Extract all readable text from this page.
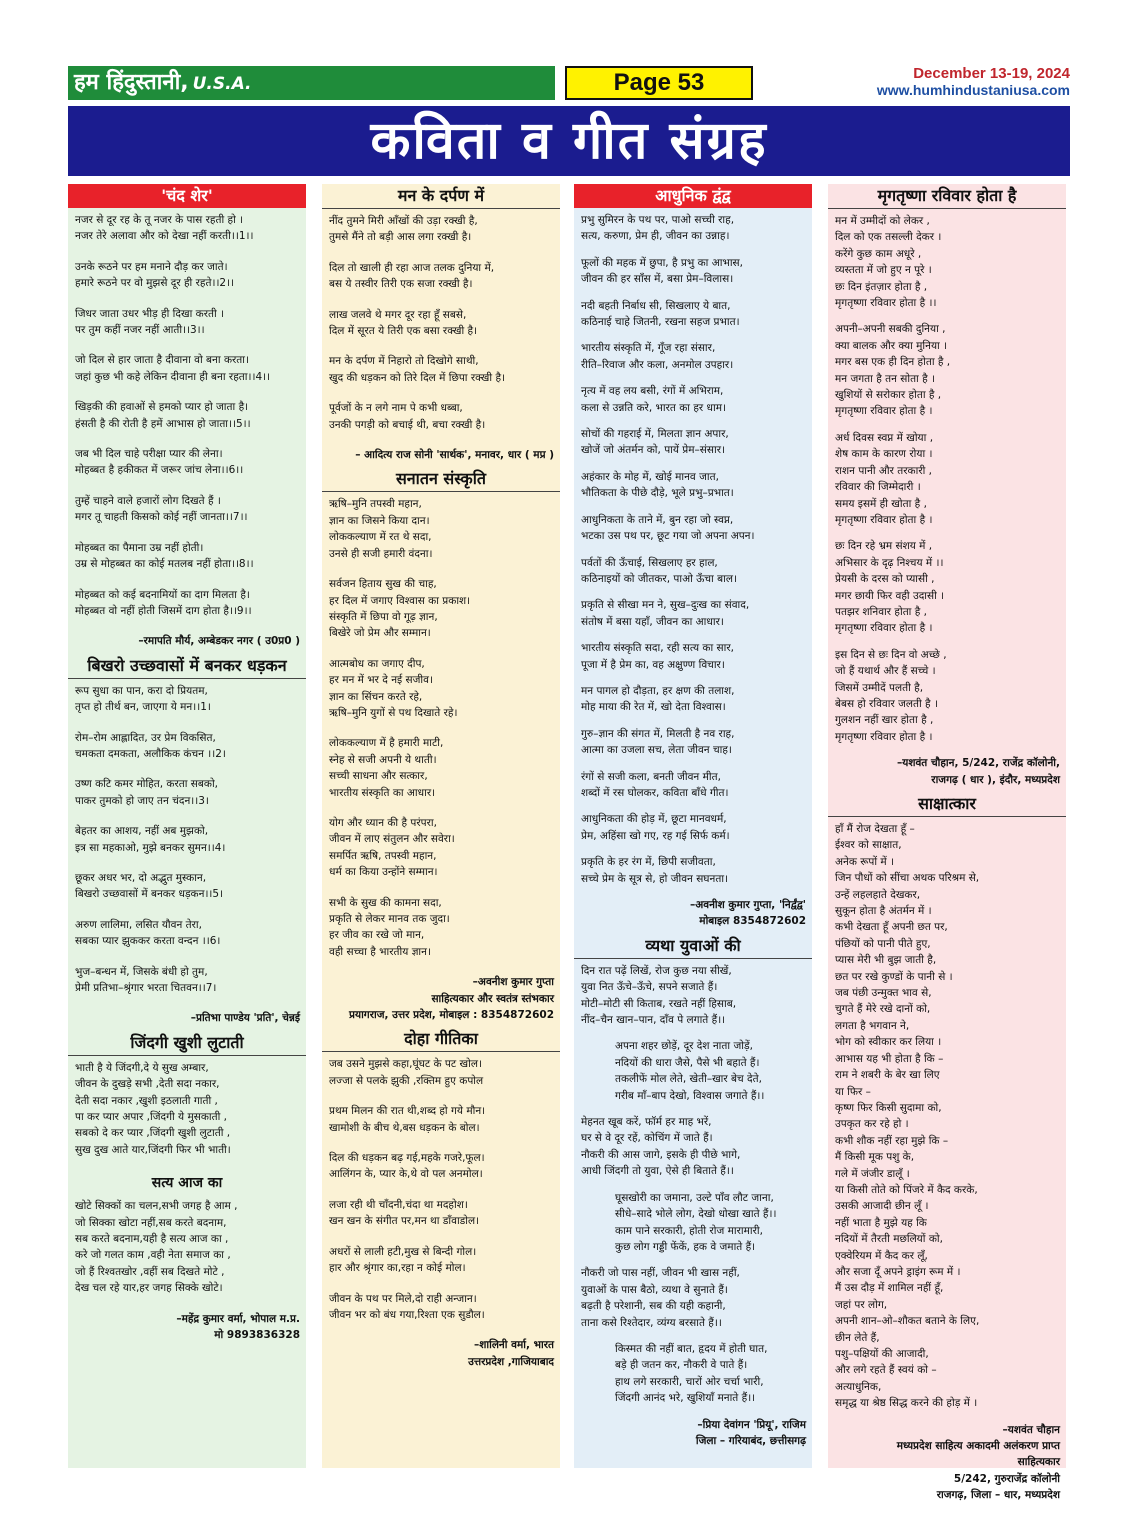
हम हिंदुस्तानी, U.S.A.	Page 53	December 13-19, 2024
www.humhindustaniusa.com
कविता व गीत संग्रह
'चंद शेर'
नजर से दूर रह के तू नजर के पास रहती हो ।
नजर तेरे अलावा और को देखा नहीं करती।।1।।
उनके रूठने पर हम मनाने दौड़ कर जाते।
हमारे रूठने पर वो मुझसे दूर ही रहते।।2।।
जिधर जाता उधर भीड़ ही दिखा करती ।
पर तुम कहीं नजर नहीं आती।।3।।
जो दिल से हार जाता है दीवाना वो बना करता।
जहां कुछ भी कहे लेकिन दीवाना ही बना रहता।।4।।
खिड़की की हवाओं से हमको प्यार हो जाता है।
हंसती है की रोती है हमें आभास हो जाता।।5।।
जब भी दिल चाहे परीक्षा प्यार की लेना।
मोहब्बत है हकीकत में जरूर जांच लेना।।6।।
तुम्हें चाहने वाले हजारों लोग दिखते हैं ।
मगर तू चाहती किसको कोई नहीं जानता।।7।।
मोहब्बत का पैमाना उम्र नहीं होती।
उम्र से मोहब्बत का कोई मतलब नहीं होता।।8।।
मोहब्बत को कई बदनामियों का दाग मिलता है।
मोहब्बत वो नहीं होती जिसमें दाग होता है।।9।।
–रमापति मौर्य, अम्बेडकर नगर ( उ0प्र0 )
बिखरो उच्छवासों में बनकर धड़कन
रूप सुधा का पान, करा दो प्रियतम,
तृप्त हो तीर्थ बन, जाएगा ये मन।।1।
रोम–रोम आह्लादित, उर प्रेम विकसित,
चमकता दमकता, अलौकिक कंचन ।।2।
उष्ण कटि कमर मोहित, करता सबको,
पाकर तुमको हो जाए तन चंदन।।3।
बेहतर का आशय, नहीं अब मुझको,
इत्र सा महकाओ, मुझे बनकर सुमन।।4।
छूकर अधर भर, दो अद्भुत मुस्कान,
बिखरो उच्छवासों में बनकर धड़कन।।5।
अरुण लालिमा, लसित यौवन तेरा,
सबका प्यार झुककर करता वन्दन ।।6।
भुज–बन्धन में, जिसके बंधी हो तुम,
प्रेमी प्रतिभा–श्रृंगार भरता चितवन।।7।
–प्रतिभा पाण्डेय 'प्रति', चेन्नई
जिंदगी खुशी लुटाती
भाती है ये जिंदगी,दे ये सुख अम्बार,
जीवन के दुखड़े सभी ,देती सदा नकार,
देती सदा नकार ,खुशी इठलाती गाती ,
पा कर प्यार अपार ,जिंदगी ये मुसकाती ,
सबको दे कर प्यार ,जिंदगी खुशी लुटाती ,
सुख दुख आते यार,जिंदगी फिर भी भाती।
सत्य आज का
खोटे सिक्कों का चलन,सभी जगह है आम ,
जो सिक्का खोटा नहीं,सब करते बदनाम,
सब करते बदनाम,यही है सत्य आज का ,
करे जो गलत काम ,वही नेता समाज का ,
जो हैं रिश्वतखोर ,वहीं सब दिखते मोटे ,
देख चल रहे यार,हर जगह सिक्के खोटे।
–महेंद्र कुमार वर्मा, भोपाल म.प्र.
मो 9893836328
मन के दर्पण में
नींद तुमने मिरी आँखों की उड़ा रक्खी है,
तुमसे मैंने तो बड़ी आस लगा रक्खी है।
दिल तो खाली ही रहा आज तलक दुनिया में,
बस ये तस्वीर तिरी एक सजा रक्खी है।
लाख जलवे थे मगर दूर रहा हूँ सबसे,
दिल में सूरत ये तिरी एक बसा रक्खी है।
मन के दर्पण में निहारो तो दिखोगे साथी,
खुद की धड़कन को तिरे दिल में छिपा रक्खी है।
पूर्वजों के न लगे नाम पे कभी धब्बा,
उनकी पगड़ी को बचाई थी, बचा रक्खी है।
– आदित्य राज सोनी 'सार्थक', मनावर, धार ( मप्र )
सनातन संस्कृति
ऋषि–मुनि तपस्वी महान,
ज्ञान का जिसने किया दान।
लोककल्याण में रत थे सदा,
उनसे ही सजी हमारी वंदना।
सर्वजन हिताय सुख की चाह,
हर दिल में जगाए विश्वास का प्रकाश।
संस्कृति में छिपा वो गूढ़ ज्ञान,
बिखेरे जो प्रेम और सम्मान।
आत्मबोध का जगाए दीप,
हर मन में भर दे नई सजीव।
ज्ञान का सिंचन करते रहे,
ऋषि–मुनि युगों से पथ दिखाते रहे।
लोककल्याण में है हमारी माटी,
स्नेह से सजी अपनी ये थाती।
सच्ची साधना और सत्कार,
भारतीय संस्कृति का आधार।
योग और ध्यान की है परंपरा,
जीवन में लाए संतुलन और सवेरा।
समर्पित ऋषि, तपस्वी महान,
धर्म का किया उन्होंने सम्मान।
सभी के सुख की कामना सदा,
प्रकृति से लेकर मानव तक जुदा।
हर जीव का रखे जो मान,
वही सच्चा है भारतीय ज्ञान।
–अवनीश कुमार गुप्ता
साहित्यकार और स्वतंत्र स्तंभकार
प्रयागराज, उत्तर प्रदेश, मोबाइल : 8354872602
दोहा गीतिका
जब उसने मुझसे कहा,घूंघट के पट खोल।
लज्जा से पलके झुकी ,रक्तिम हुए कपोल
प्रथम मिलन की रात थी,शब्द हो गये मौन।
खामोशी के बीच थे,बस धड़कन के बोल।
दिल की धड़कन बढ़ गई,महके गजरे,फूल।
आलिंगन के, प्यार के,थे वो पल अनमोल।
लजा रही थी चाँदनी,चंदा था मदहोश।
खन खन के संगीत पर,मन था डाँवाडोल।
अधरों से लाली हटी,मुख से बिन्दी गोल।
हार और श्रृंगार का,रहा न कोई मोल।
जीवन के पथ पर मिले,दो राही अन्जान।
जीवन भर को बंध गया,रिश्ता एक सुडौल।
–शालिनी वर्मा, भारत
उत्तरप्रदेश ,गाजियाबाद
आधुनिक द्वंद्व
प्रभु सुमिरन के पथ पर, पाओ सच्ची राह,
सत्य, करुणा, प्रेम ही, जीवन का उन्नाह।
फूलों की महक में छुपा, है प्रभु का आभास,
जीवन की हर साँस में, बसा प्रेम–विलास।
नदी बहती निर्बाध सी, सिखलाए ये बात,
कठिनाई चाहे जितनी, रखना सहज प्रभात।
भारतीय संस्कृति में, गूँज रहा संसार,
रीति–रिवाज और कला, अनमोल उपहार।
नृत्य में वह लय बसी, रंगों में अभिराम,
कला से उन्नति करे, भारत का हर धाम।
सोचों की गहराई में, मिलता ज्ञान अपार,
खोजें जो अंतर्मन को, पायें प्रेम–संसार।
अहंकार के मोह में, खोई मानव जात,
भौतिकता के पीछे दौड़े, भूले प्रभु–प्रभात।
आधुनिकता के ताने में, बुन रहा जो स्वप्न,
भटका उस पथ पर, छूट गया जो अपना अपन।
पर्वतों की ऊँचाई, सिखलाए हर हाल,
कठिनाइयों को जीतकर, पाओ ऊँचा बाल।
प्रकृति से सीखा मन ने, सुख–दुःख का संवाद,
संतोष में बसा यहाँ, जीवन का आधार।
भारतीय संस्कृति सदा, रही सत्य का सार,
पूजा में है प्रेम का, वह अक्षुण्ण विचार।
मन पागल हो दौड़ता, हर क्षण की तलाश,
मोह माया की रेत में, खो देता विश्वास।
गुरु–ज्ञान की संगत में, मिलती है नव राह,
आत्मा का उजला सच, लेता जीवन चाह।
रंगों से सजी कला, बनती जीवन मीत,
शब्दों में रस घोलकर, कविता बाँधे गीत।
आधुनिकता की होड़ में, छूटा मानवधर्म,
प्रेम, अहिंसा खो गए, रह गई सिर्फ कर्म।
प्रकृति के हर रंग में, छिपी सजीवता,
सच्चे प्रेम के सूत्र से, हो जीवन सघनता।
–अवनीश कुमार गुप्ता, 'निर्द्वंद्व'
मोबाइल 8354872602
व्यथा युवाओं की
दिन रात पढ़ें लिखें, रोज कुछ नया सीखें,
युवा नित ऊँचे–ऊँचे, सपने सजाते हैं।
मोटी–मोटी सी किताब, रखते नहीं हिसाब,
नींद–चैन खान–पान, दाँव पे लगाते हैं।।
अपना शहर छोड़ें, दूर देश नाता जोड़ें,
नदियों की धारा जैसे, पैसे भी बहाते हैं।
तकलीफें मोल लेते, खेती–खार बेच देते,
गरीब माँ–बाप देखो, विश्वास जगाते हैं।।
मेहनत खूब करें, फॉर्म हर माह भरें,
घर से वे दूर रहें, कोचिंग में जाते हैं।
नौकरी की आस जागे, इसके ही पीछे भागे,
आधी जिंदगी तो युवा, ऐसे ही बिताते हैं।।
घूसखोरी का जमाना, उल्टे पाँव लौट जाना,
सीधे–सादे भोले लोग, देखो धोखा खाते हैं।।
काम पाने सरकारी, होती रोज मारामारी,
कुछ लोग गड्डी फेंकें, हक वे जमाते हैं।
नौकरी जो पास नहीं, जीवन भी खास नहीं,
युवाओं के पास बैठो, व्यथा वे सुनाते हैं।
बढ़ती है परेशानी, सब की यही कहानी,
ताना कसे रिश्तेदार, व्यंग्य बरसाते हैं।।
किस्मत की नहीं बात, हृदय में होती घात,
बड़े ही जतन कर, नौकरी वे पाते हैं।
हाथ लगे सरकारी, चारों ओर चर्चा भारी,
जिंदगी आनंद भरे, खुशियाँ मनाते हैं।।
–प्रिया देवांगन 'प्रियू', राजिम
जिला – गरियाबंद, छत्तीसगढ़
मृगतृष्णा रविवार होता है
मन में उम्मीदों को लेकर ,
दिल को एक तसल्ली देकर ।
करेंगे कुछ काम अधूरे ,
व्यस्तता में जो हुए न पूरे ।
छः दिन इंतज़ार होता है ,
मृगतृष्णा रविवार होता है ।।
अपनी–अपनी सबकी दुनिया ,
क्या बालक और क्या मुनिया ।
मगर बस एक ही दिन होता है ,
मन जगता है तन सोता है ।
खुशियों से सरोकार होता है ,
मृगतृष्णा रविवार होता है ।
अर्ध दिवस स्वप्न में खोया ,
शेष काम के कारण रोया ।
राशन पानी और तरकारी ,
रविवार की जिम्मेदारी ।
समय इसमें ही खोता है ,
मृगतृष्णा रविवार होता है ।
छः दिन रहे भ्रम संशय में ,
अभिसार के दृढ़ निश्चय में ।।
प्रेयसी के दरस को प्यासी ,
मगर छायी फिर वही उदासी ।
पतझर शनिवार होता है ,
मृगतृष्णा रविवार होता है ।
इस दिन से छः दिन वो अच्छे ,
जो हैं यथार्थ और हैं सच्चे ।
जिसमें उम्मीदें पलती है,
बेबस हो रविवार जलती है ।
गुलशन नहीं खार होता है ,
मृगतृष्णा रविवार होता है ।
–यशवंत चौहान, 5/242, राजेंद्र कॉलोनी,
राजगढ़ ( धार ), इंदौर, मध्यप्रदेश
साक्षात्कार
हाँ मैं रोज देखता हूँ –
ईश्वर को साक्षात,
अनेक रूपों में ।
जिन पौधों को सींचा अथक परिश्रम से,
उन्हें लहलहाते देखकर,
सुकून होता है अंतर्मन में ।
कभी देखता हूँ अपनी छत पर,
पंछियों को पानी पीते हुए,
प्यास मेरी भी बुझ जाती है,
छत पर रखे कुण्डों के पानी से ।
जब पंछी उन्मुक्त भाव से,
चुगते हैं मेरे रखे दानों को,
लगता है भगवान ने,
भोग को स्वीकार कर लिया ।
आभास यह भी होता है कि –
राम ने शबरी के बेर खा लिए
या फिर –
कृष्ण फिर किसी सुदामा को,
उपकृत कर रहे हो ।
कभी शौक नहीं रहा मुझे कि –
मैं किसी मूक पशु के,
गले में जंजीर डालूँ ।
या किसी तोते को पिंजरे में कैद करके,
उसकी आजादी छीन लूँ ।
नहीं भाता है मुझे यह कि
नदियों में तैरती मछलियों को,
एक्वेरियम में कैद कर लूँ,
और सजा दूँ अपने ड्राइंग रूम में ।
मैं उस दौड़ में शामिल नहीं हूँ,
जहां पर लोग,
अपनी शान–ओ–शौकत बताने के लिए,
छीन लेते हैं,
पशु–पक्षियों की आजादी,
और लगे रहते हैं स्वयं को –
अत्याधुनिक,
समृद्ध या श्रेष्ठ सिद्ध करने की होड़ में ।
–यशवंत चौहान
मध्यप्रदेश साहित्य अकादमी अलंकरण प्राप्त
साहित्यकार
5/242, गुरुराजेंद्र कॉलोनी
राजगढ़, जिला – धार, मध्यप्रदेश
